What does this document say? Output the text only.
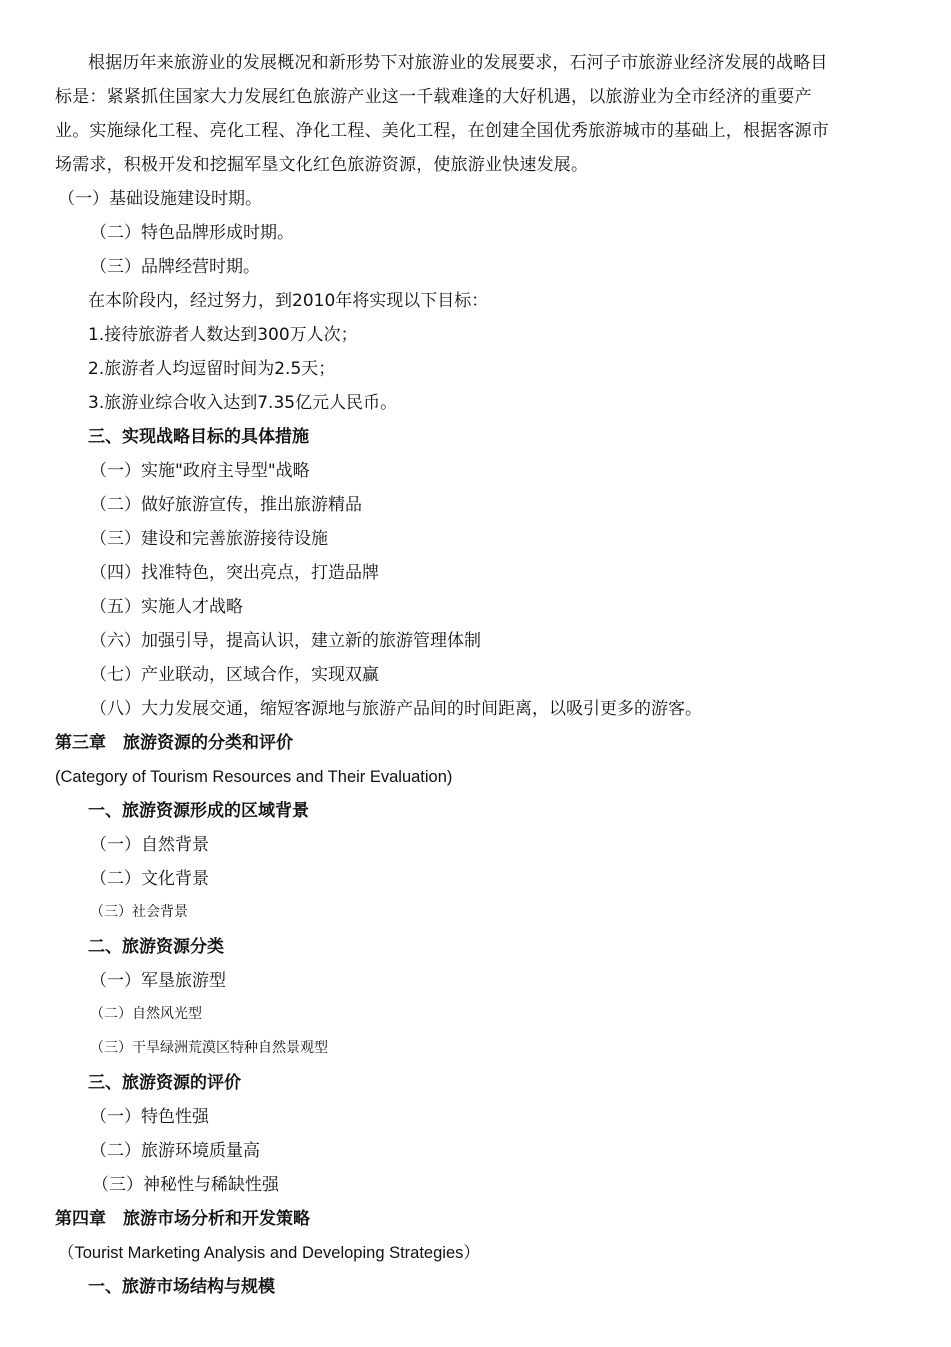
根据历年来旅游业的发展概况和新形势下对旅游业的发展要求，石河子市旅游业经济发展的战略目
标是：紧紧抓住国家大力发展红色旅游产业这一千载难逢的大好机遇，以旅游业为全市经济的重要产
业。实施绿化工程、亮化工程、净化工程、美化工程，在创建全国优秀旅游城市的基础上，根据客源市
场需求，积极开发和挖掘军垦文化红色旅游资源，使旅游业快速发展。
（一）基础设施建设时期。
（二）特色品牌形成时期。
（三）品牌经营时期。
在本阶段内，经过努力，到2010年将实现以下目标：
1.接待旅游者人数达到300万人次；
2.旅游者人均逗留时间为2.5天；
3.旅游业综合收入达到7.35亿元人民币。
三、实现战略目标的具体措施
（一）实施"政府主导型"战略
（二）做好旅游宣传，推出旅游精品
（三）建设和完善旅游接待设施
（四）找准特色，突出亮点，打造品牌
（五）实施人才战略
（六）加强引导，提高认识，建立新的旅游管理体制
（七）产业联动，区域合作，实现双赢
（八）大力发展交通，缩短客源地与旅游产品间的时间距离，以吸引更多的游客。
第三章　旅游资源的分类和评价
(Category of Tourism Resources and Their Evaluation)
一、旅游资源形成的区域背景
（一）自然背景
（二）文化背景
（三）社会背景
二、旅游资源分类
（一）军垦旅游型
（二）自然风光型
（三）干旱绿洲荒漠区特种自然景观型
三、旅游资源的评价
（一）特色性强
（二）旅游环境质量高
（三）神秘性与稀缺性强
第四章　旅游市场分析和开发策略
（Tourist Marketing Analysis and Developing Strategies）
一、旅游市场结构与规模
